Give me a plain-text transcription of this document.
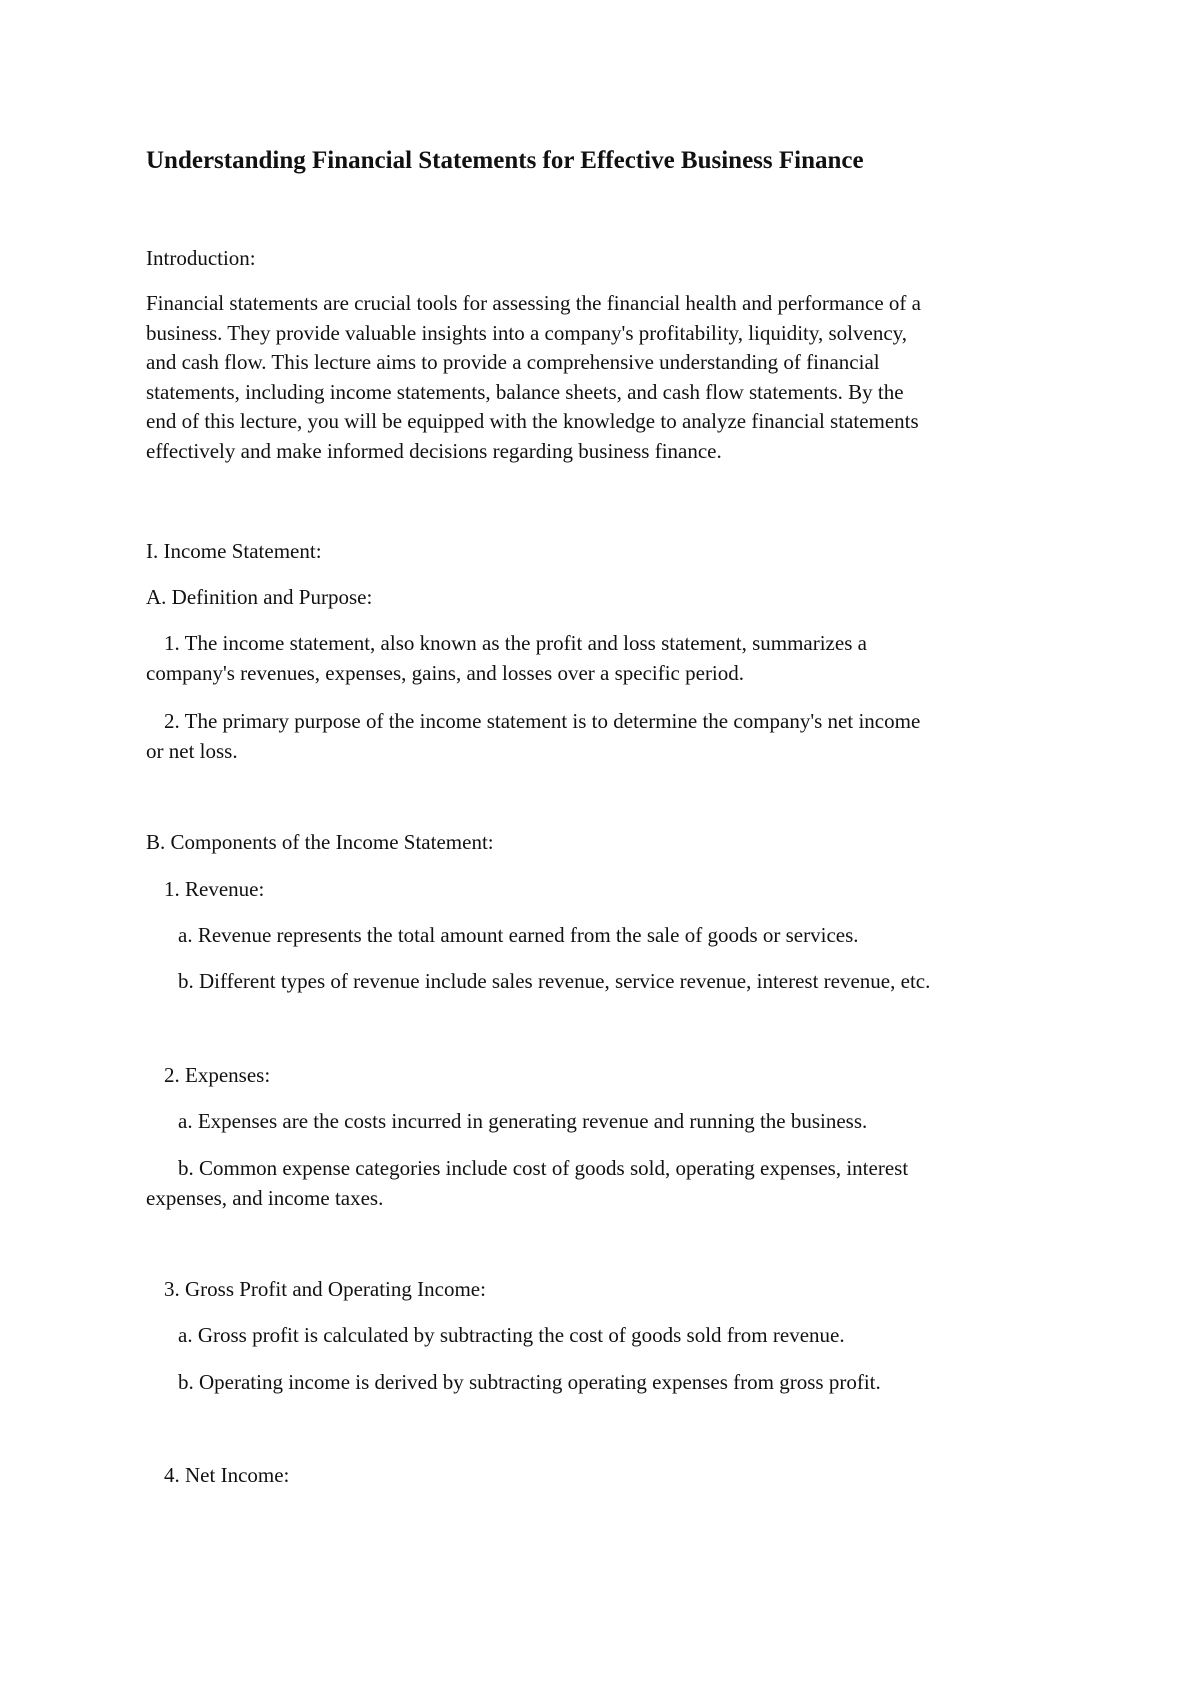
Understanding Financial Statements for Effective Business Finance

Introduction:

Financial statements are crucial tools for assessing the financial health and performance of a
business. They provide valuable insights into a company's profitability, liquidity, solvency,
and cash flow. This lecture aims to provide a comprehensive understanding of financial
statements, including income statements, balance sheets, and cash flow statements. By the
end of this lecture, you will be equipped with the knowledge to analyze financial statements
effectively and make informed decisions regarding business finance.

I. Income Statement:

A. Definition and Purpose:

1. The income statement, also known as the profit and loss statement, summarizes a

company's revenues, expenses, gains, and losses over a specific period.

2. The primary purpose of the income statement is to determine the company's net income

or net loss.

B. Components of the Income Statement:

1. Revenue:

a. Revenue represents the total amount earned from the sale of goods or services.

b. Different types of revenue include sales revenue, service revenue, interest revenue, etc.

2. Expenses:

a. Expenses are the costs incurred in generating revenue and running the business.

b. Common expense categories include cost of goods sold, operating expenses, interest

expenses, and income taxes.

3. Gross Profit and Operating Income:

a. Gross profit is calculated by subtracting the cost of goods sold from revenue.

b. Operating income is derived by subtracting operating expenses from gross profit.

4. Net Income:
